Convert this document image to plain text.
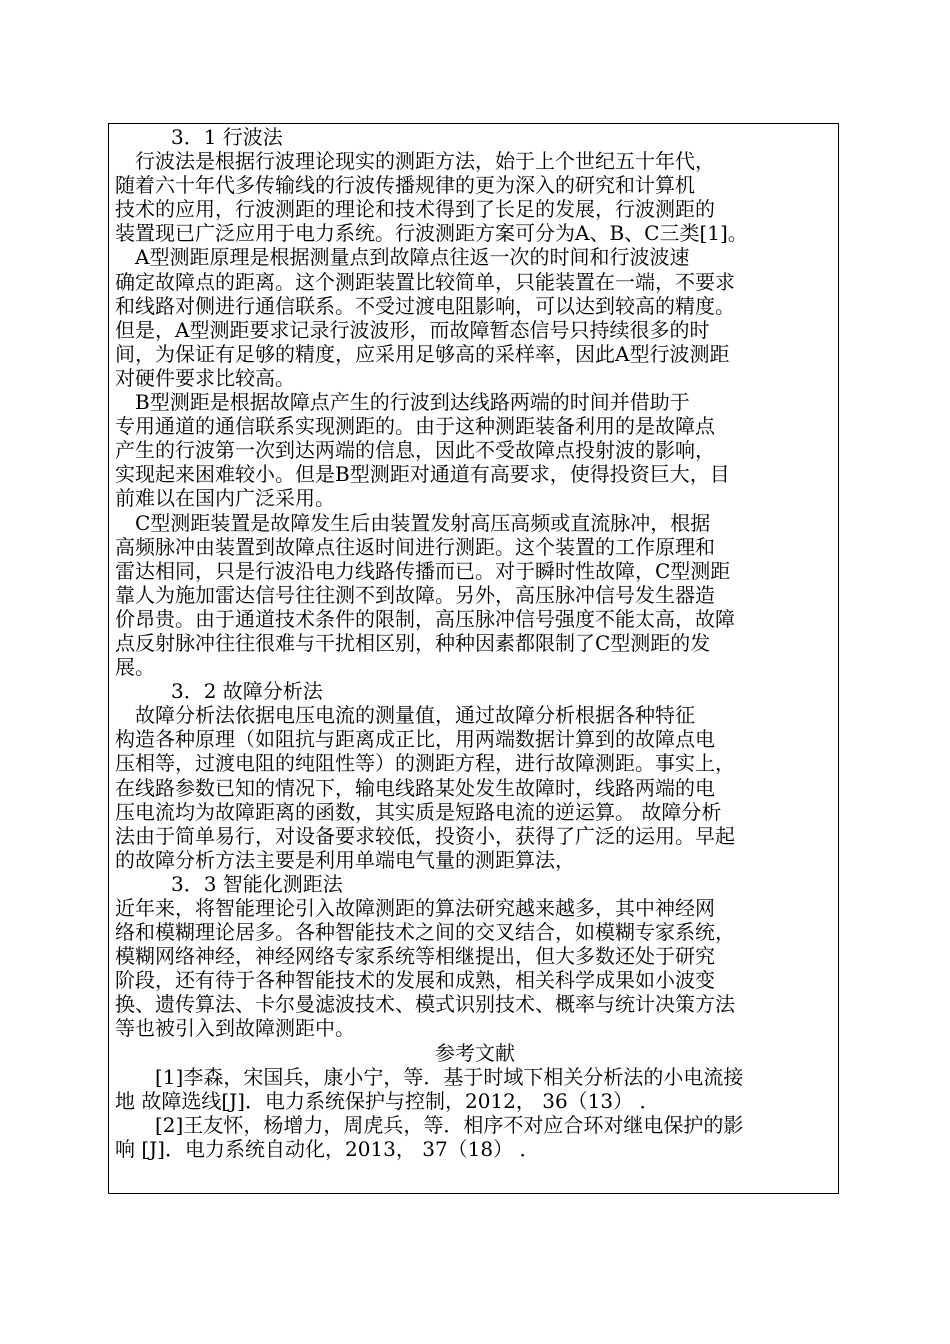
　3．1 行波法
　行波法是根据行波理论现实的测距方法，始于上个世纪五十年代，
随着六十年代多传输线的行波传播规律的更为深入的研究和计算机
技术的应用，行波测距的理论和技术得到了长足的发展，行波测距的
装置现已广泛应用于电力系统。行波测距方案可分为A、B、C三类[1]。
　A型测距原理是根据测量点到故障点往返一次的时间和行波波速
确定故障点的距离。这个测距装置比较简单，只能装置在一端，不要求
和线路对侧进行通信联系。不受过渡电阻影响，可以达到较高的精度。
但是，A型测距要求记录行波波形，而故障暂态信号只持续很多的时
间，为保证有足够的精度，应采用足够高的采样率，因此A型行波测距
对硬件要求比较高。
　B型测距是根据故障点产生的行波到达线路两端的时间并借助于
专用通道的通信联系实现测距的。由于这种测距装备利用的是故障点
产生的行波第一次到达两端的信息，因此不受故障点投射波的影响，
实现起来困难较小。但是B型测距对通道有高要求，使得投资巨大，目
前难以在国内广泛采用。
　C型测距装置是故障发生后由装置发射高压高频或直流脉冲，根据
高频脉冲由装置到故障点往返时间进行测距。这个装置的工作原理和
雷达相同，只是行波沿电力线路传播而已。对于瞬时性故障，C型测距
靠人为施加雷达信号往往测不到故障。另外，高压脉冲信号发生器造
价昂贵。由于通道技术条件的限制，高压脉冲信号强度不能太高，故障
点反射脉冲往往很难与干扰相区别，种种因素都限制了C型测距的发
展。
　3．2 故障分析法
　故障分析法依据电压电流的测量值，通过故障分析根据各种特征
构造各种原理（如阻抗与距离成正比，用两端数据计算到的故障点电
压相等，过渡电阻的纯阻性等）的测距方程，进行故障测距。事实上，
在线路参数已知的情况下，输电线路某处发生故障时，线路两端的电
压电流均为故障距离的函数，其实质是短路电流的逆运算。 故障分析
法由于简单易行，对设备要求较低，投资小，获得了广泛的运用。早起
的故障分析方法主要是利用单端电气量的测距算法，
　3．3 智能化测距法
近年来，将智能理论引入故障测距的算法研究越来越多，其中神经网
络和模糊理论居多。各种智能技术之间的交叉结合，如模糊专家系统，
模糊网络神经，神经网络专家系统等相继提出，但大多数还处于研究
阶段，还有待于各种智能技术的发展和成熟，相关科学成果如小波变
换、遗传算法、卡尔曼滤波技术、模式识别技术、概率与统计决策方法
等也被引入到故障测距中。
参考文献
　　[1]李森，宋国兵，康小宁，等．基于时域下相关分析法的小电流接
地 故障选线[J]．电力系统保护与控制，2012， 36（13） ．
　　[2]王友怀，杨增力，周虎兵，等．相序不对应合环对继电保护的影
响 [J]．电力系统自动化，2013， 37（18） ．
